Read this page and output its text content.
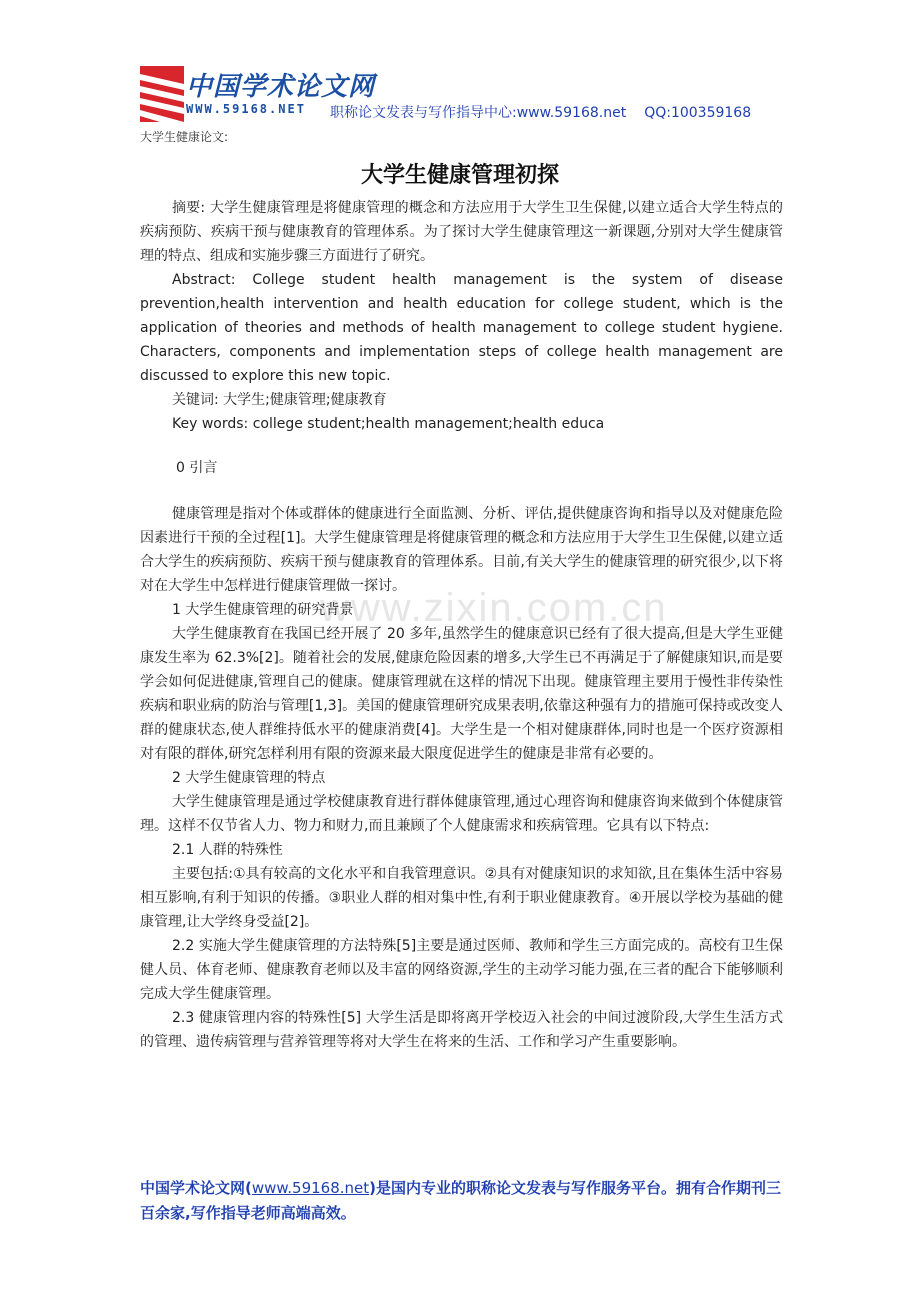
中国学术论文网
WWW.59168.NET 职称论文发表与写作指导中心:www.59168.net QQ:100359168
大学生健康论文:
大学生健康管理初探
www.zixin.com.cn

摘要: 大学生健康管理是将健康管理的概念和方法应用于大学生卫生保健,以建立适合大学生特点的疾病预防、疾病干预与健康教育的管理体系。为了探讨大学生健康管理这一新课题,分别对大学生健康管理的特点、组成和实施步骤三方面进行了研究。

Abstract: College student health management is the system of disease prevention,health intervention and health education for college student, which is the application of theories and methods of health management to college student hygiene. Characters, components and implementation steps of college health management are discussed to explore this new topic.

关键词: 大学生;健康管理;健康教育

Key words: college student;health management;health educa

0 引言

健康管理是指对个体或群体的健康进行全面监测、分析、评估,提供健康咨询和指导以及对健康危险因素进行干预的全过程[1]。大学生健康管理是将健康管理的概念和方法应用于大学生卫生保健,以建立适合大学生的疾病预防、疾病干预与健康教育的管理体系。目前,有关大学生的健康管理的研究很少,以下将对在大学生中怎样进行健康管理做一探讨。

1 大学生健康管理的研究背景

大学生健康教育在我国已经开展了 20 多年,虽然学生的健康意识已经有了很大提高,但是大学生亚健康发生率为 62.3%[2]。随着社会的发展,健康危险因素的增多,大学生已不再满足于了解健康知识,而是要学会如何促进健康,管理自己的健康。健康管理就在这样的情况下出现。健康管理主要用于慢性非传染性疾病和职业病的防治与管理[1,3]。美国的健康管理研究成果表明,依靠这种强有力的措施可保持或改变人群的健康状态,使人群维持低水平的健康消费[4]。大学生是一个相对健康群体,同时也是一个医疗资源相对有限的群体,研究怎样利用有限的资源来最大限度促进学生的健康是非常有必要的。

2 大学生健康管理的特点

大学生健康管理是通过学校健康教育进行群体健康管理,通过心理咨询和健康咨询来做到个体健康管理。这样不仅节省人力、物力和财力,而且兼顾了个人健康需求和疾病管理。它具有以下特点:

2.1 人群的特殊性

主要包括:①具有较高的文化水平和自我管理意识。②具有对健康知识的求知欲,且在集体生活中容易相互影响,有利于知识的传播。③职业人群的相对集中性,有利于职业健康教育。④开展以学校为基础的健康管理,让大学终身受益[2]。

2.2 实施大学生健康管理的方法特殊[5]主要是通过医师、教师和学生三方面完成的。高校有卫生保健人员、体育老师、健康教育老师以及丰富的网络资源,学生的主动学习能力强,在三者的配合下能够顺利完成大学生健康管理。

2.3 健康管理内容的特殊性[5] 大学生活是即将离开学校迈入社会的中间过渡阶段,大学生生活方式的管理、遗传病管理与营养管理等将对大学生在将来的生活、工作和学习产生重要影响。

中国学术论文网(www.59168.net)是国内专业的职称论文发表与写作服务平台。拥有合作期刊三百余家,写作指导老师高端高效。
